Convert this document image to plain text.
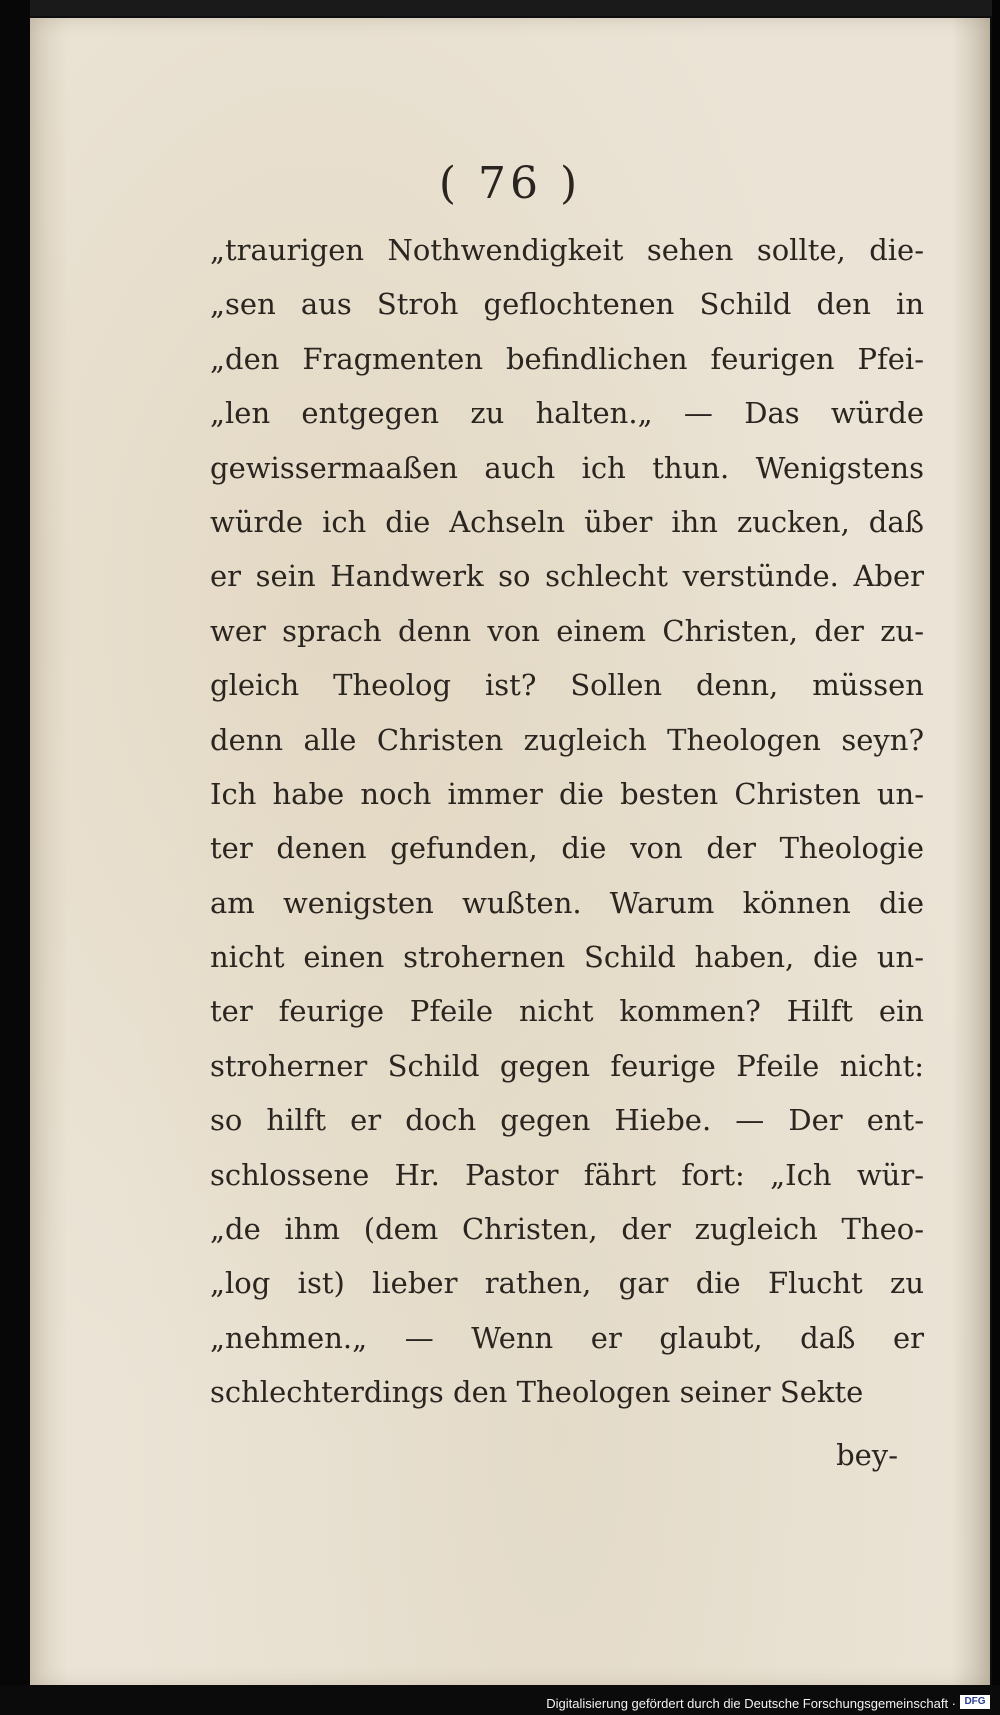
( 76 )
„traurigen Nothwendigkeit sehen sollte, die-
„sen aus Stroh geflochtenen Schild den in
„den Fragmenten befindlichen feurigen Pfei-
„len entgegen zu halten.„ — Das würde
gewissermaaßen auch ich thun. Wenigstens
würde ich die Achseln über ihn zucken, daß
er sein Handwerk so schlecht verstünde. Aber
wer sprach denn von einem Christen, der zu-
gleich Theolog ist? Sollen denn, müssen
denn alle Christen zugleich Theologen seyn?
Ich habe noch immer die besten Christen un-
ter denen gefunden, die von der Theologie
am wenigsten wußten. Warum können die
nicht einen strohernen Schild haben, die un-
ter feurige Pfeile nicht kommen? Hilft ein
stroherner Schild gegen feurige Pfeile nicht:
so hilft er doch gegen Hiebe. — Der ent-
schlossene Hr. Pastor fährt fort: „Ich wür-
„de ihm (dem Christen, der zugleich Theo-
„log ist) lieber rathen, gar die Flucht zu
„nehmen.„ — Wenn er glaubt, daß er
schlechterdings den Theologen seiner Sekte
bey-
Digitalisierung gefördert durch die Deutsche Forschungsgemeinschaft · DFG
